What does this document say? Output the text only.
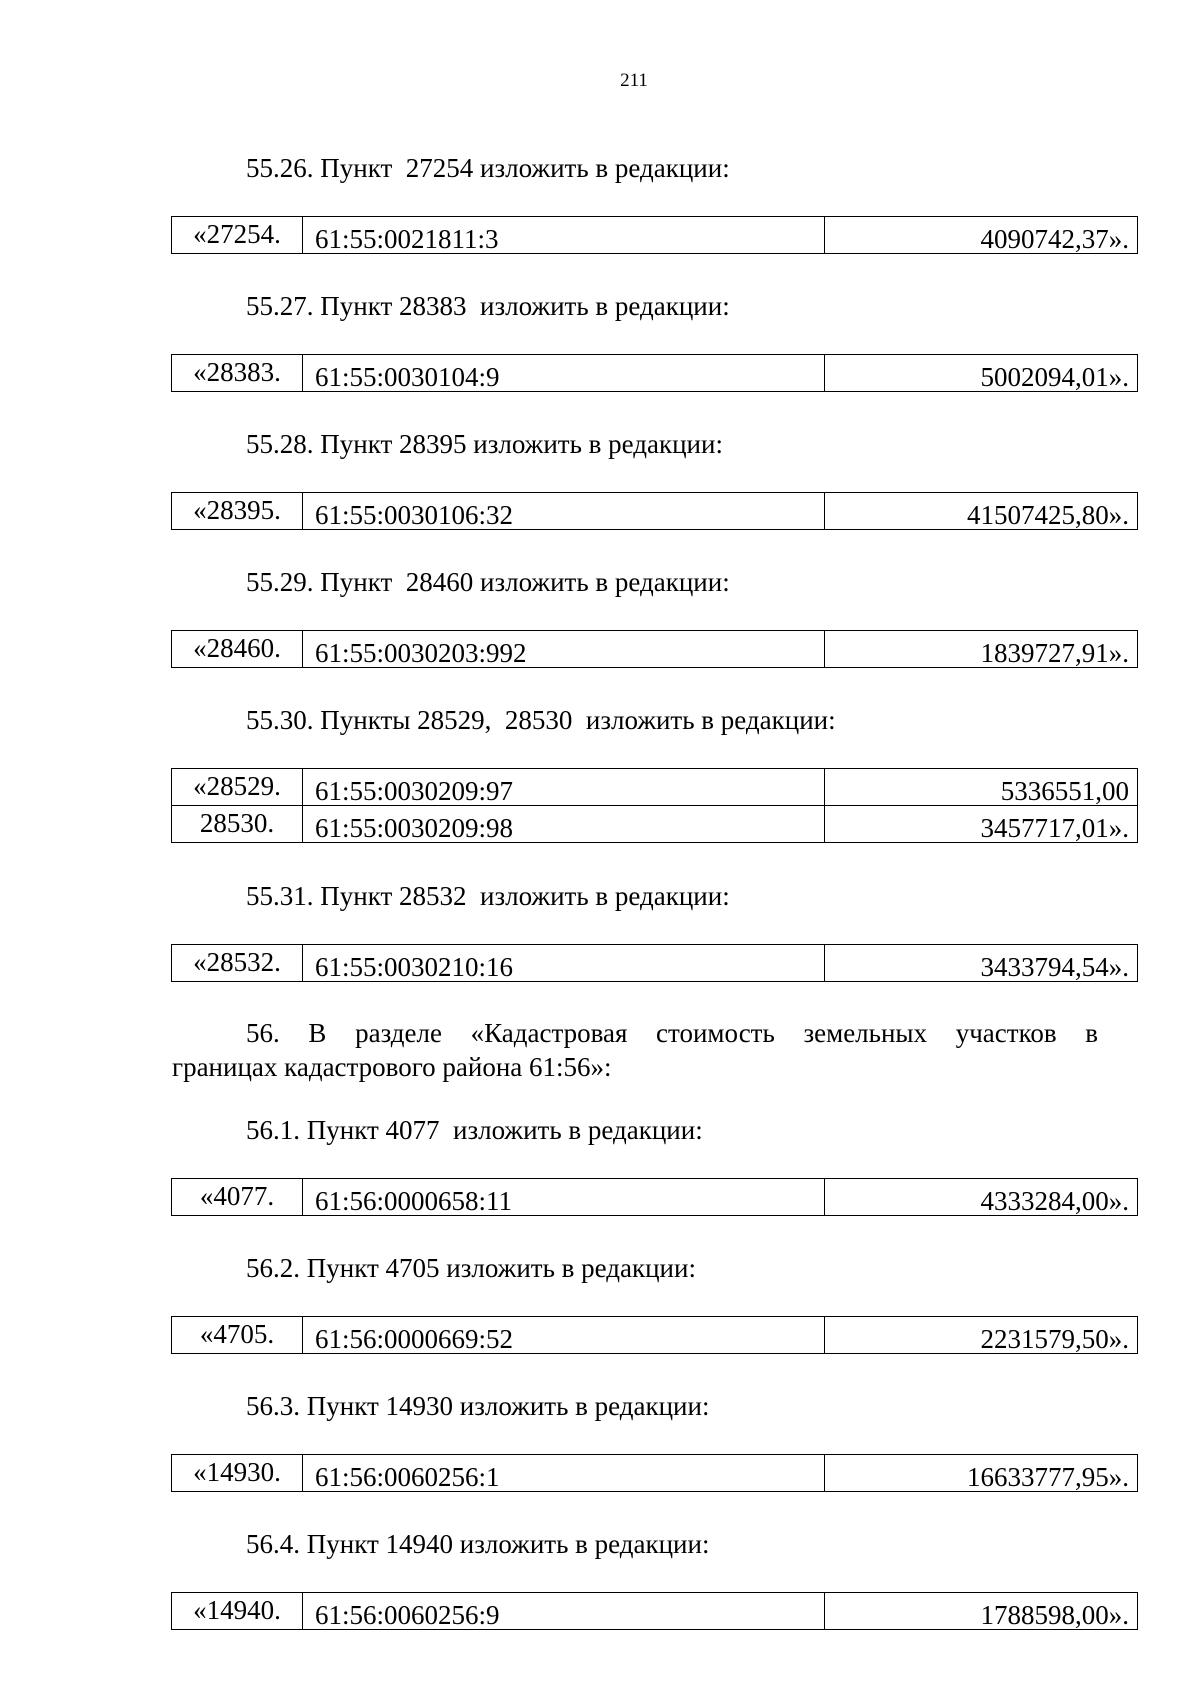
211
55.26. Пункт  27254 изложить в редакции:
«27254.	61:55:0021811:3	4090742,37».
55.27. Пункт 28383  изложить в редакции:
«28383.	61:55:0030104:9	5002094,01».
55.28. Пункт 28395 изложить в редакции:
«28395.	61:55:0030106:32	41507425,80».
55.29. Пункт  28460 изложить в редакции:
«28460.	61:55:0030203:992	1839727,91».
55.30. Пункты 28529,  28530  изложить в редакции:
«28529.	61:55:0030209:97	5336551,00
28530.	61:55:0030209:98	3457717,01».
55.31. Пункт 28532  изложить в редакции:
«28532.	61:55:0030210:16	3433794,54».
56. В разделе «Кадастровая стоимость земельных участков в
границах кадастрового района 61:56»:
56.1. Пункт 4077  изложить в редакции:
«4077.	61:56:0000658:11	4333284,00».
56.2. Пункт 4705 изложить в редакции:
«4705.	61:56:0000669:52	2231579,50».
56.3. Пункт 14930 изложить в редакции:
«14930.	61:56:0060256:1	16633777,95».
56.4. Пункт 14940 изложить в редакции:
«14940.	61:56:0060256:9	1788598,00».
